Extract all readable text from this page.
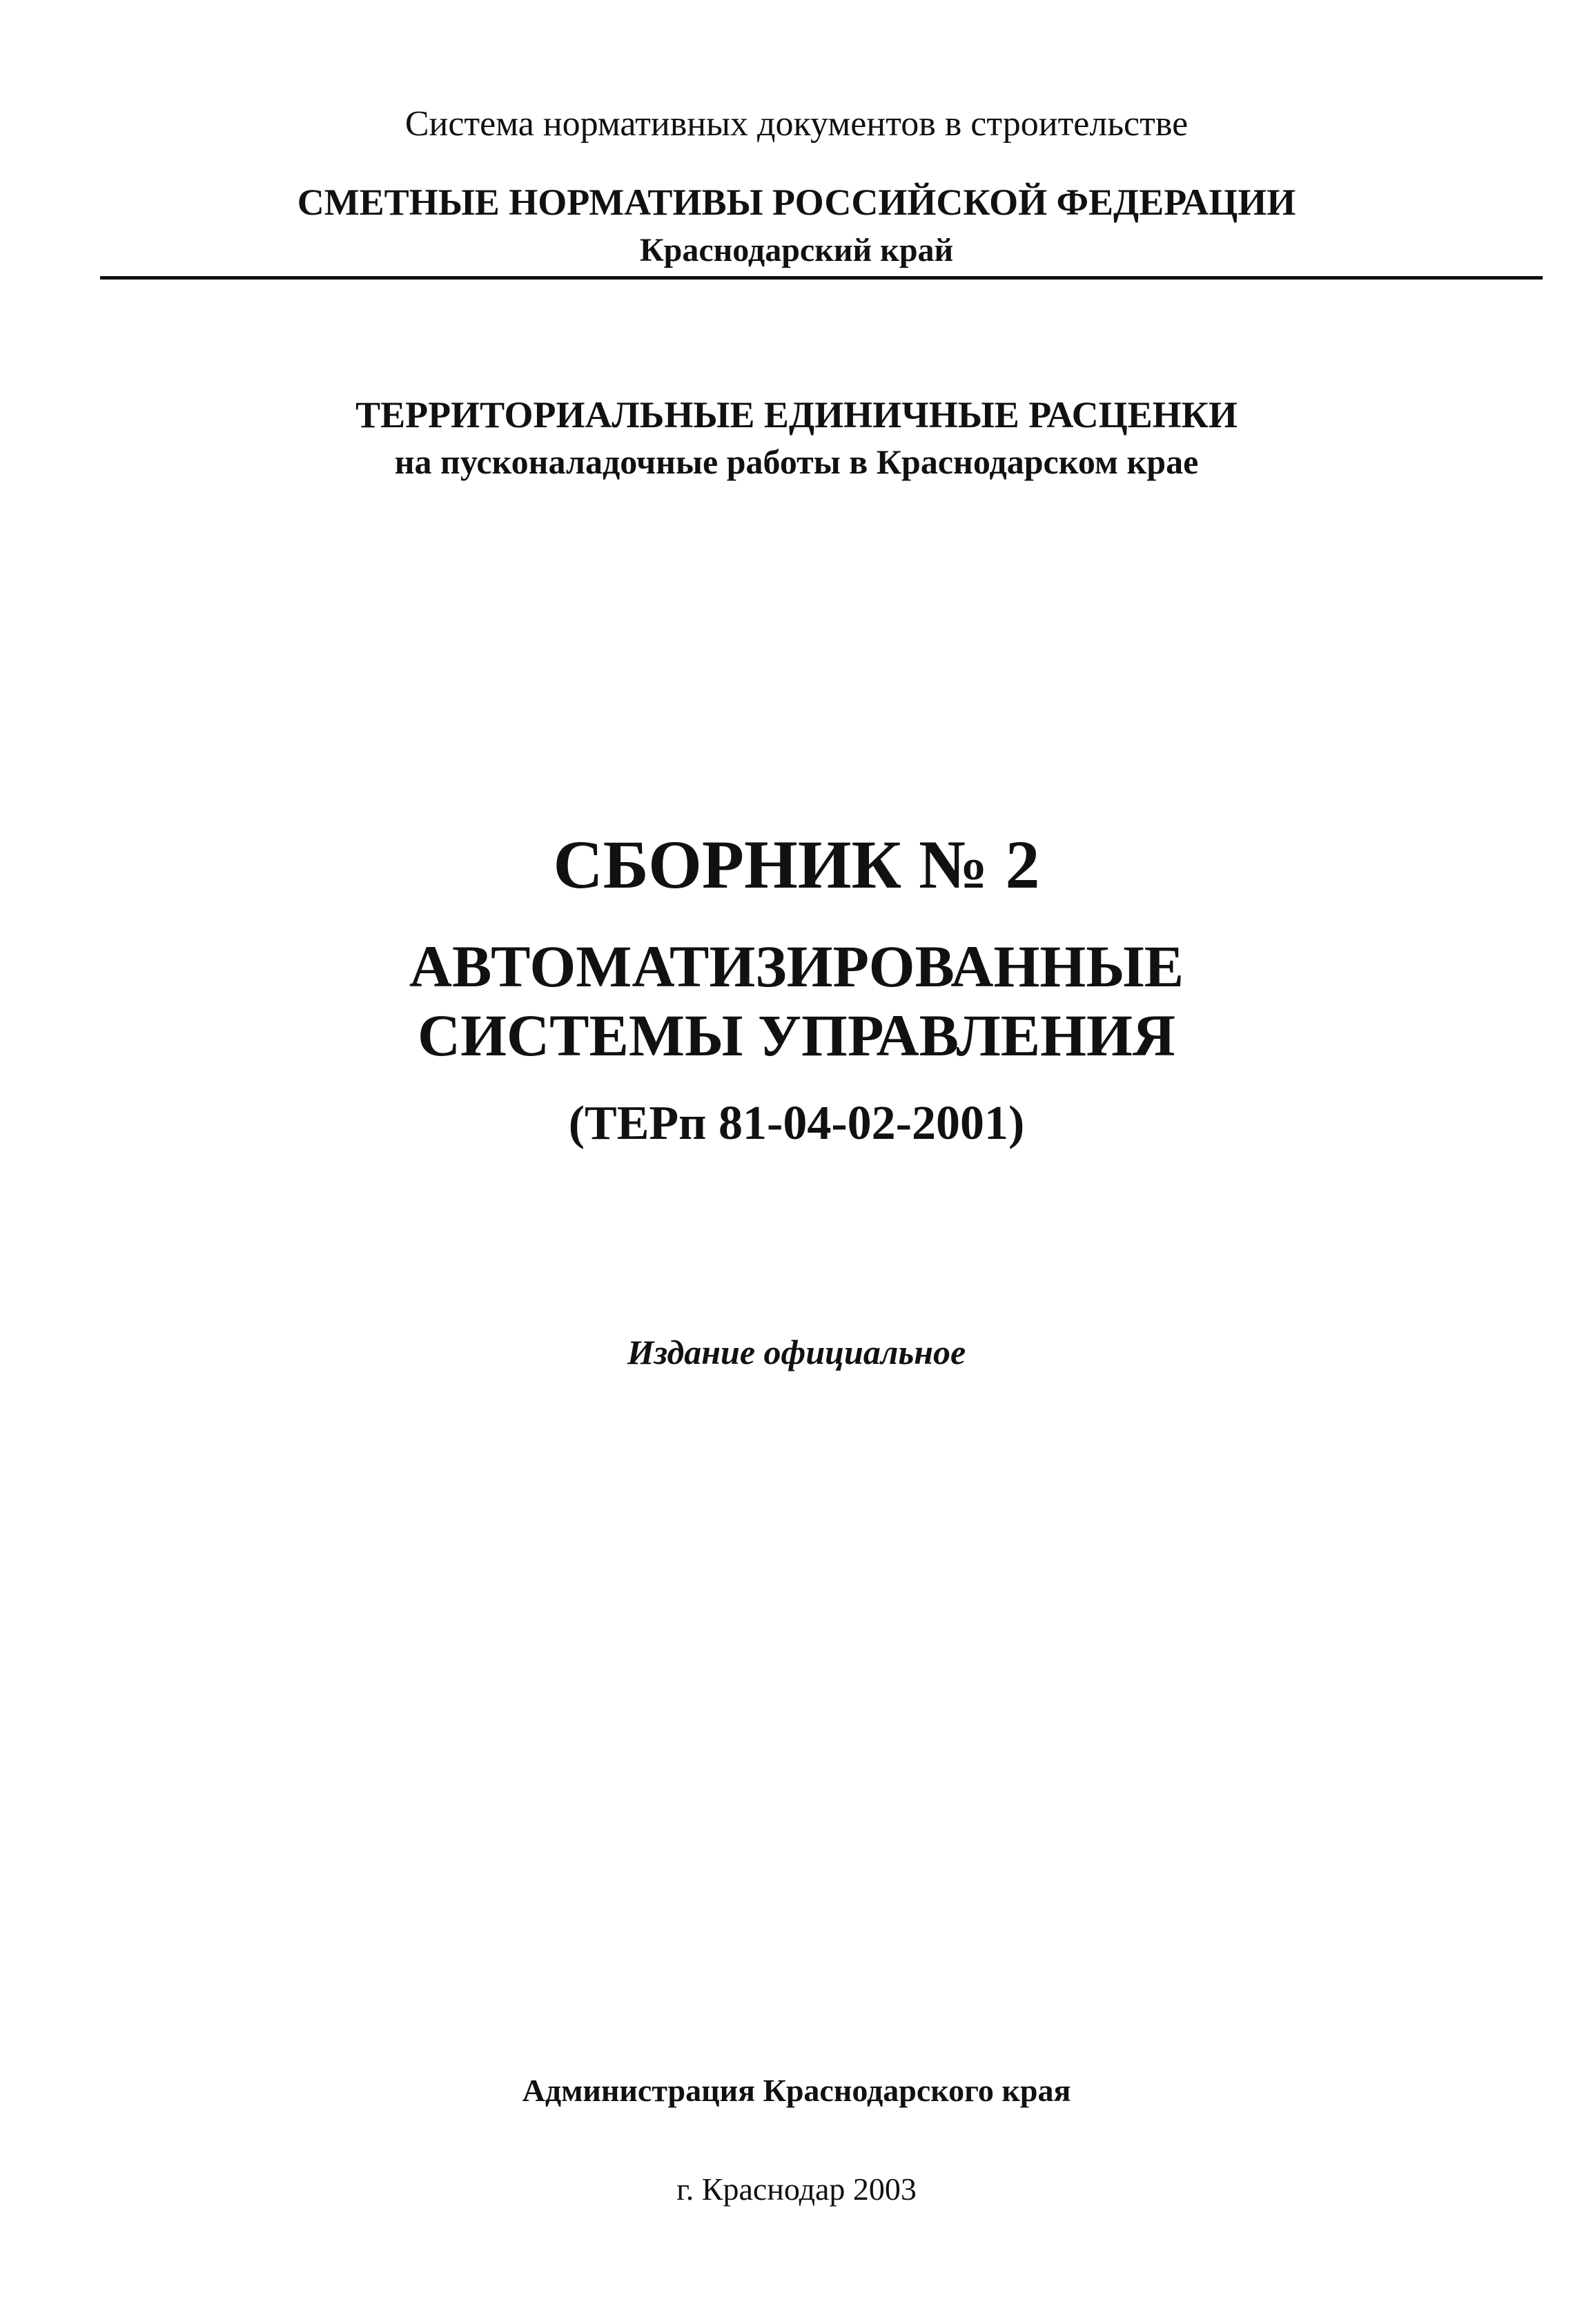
Система нормативных документов в строительстве
СМЕТНЫЕ НОРМАТИВЫ РОССИЙСКОЙ ФЕДЕРАЦИИ
Краснодарский край
ТЕРРИТОРИАЛЬНЫЕ ЕДИНИЧНЫЕ РАСЦЕНКИ
на пусконаладочные работы в Краснодарском крае
СБОРНИК № 2
АВТОМАТИЗИРОВАННЫЕ
СИСТЕМЫ УПРАВЛЕНИЯ
(ТЕРп 81-04-02-2001)
Издание официальное
Администрация Краснодарского края
г. Краснодар 2003
